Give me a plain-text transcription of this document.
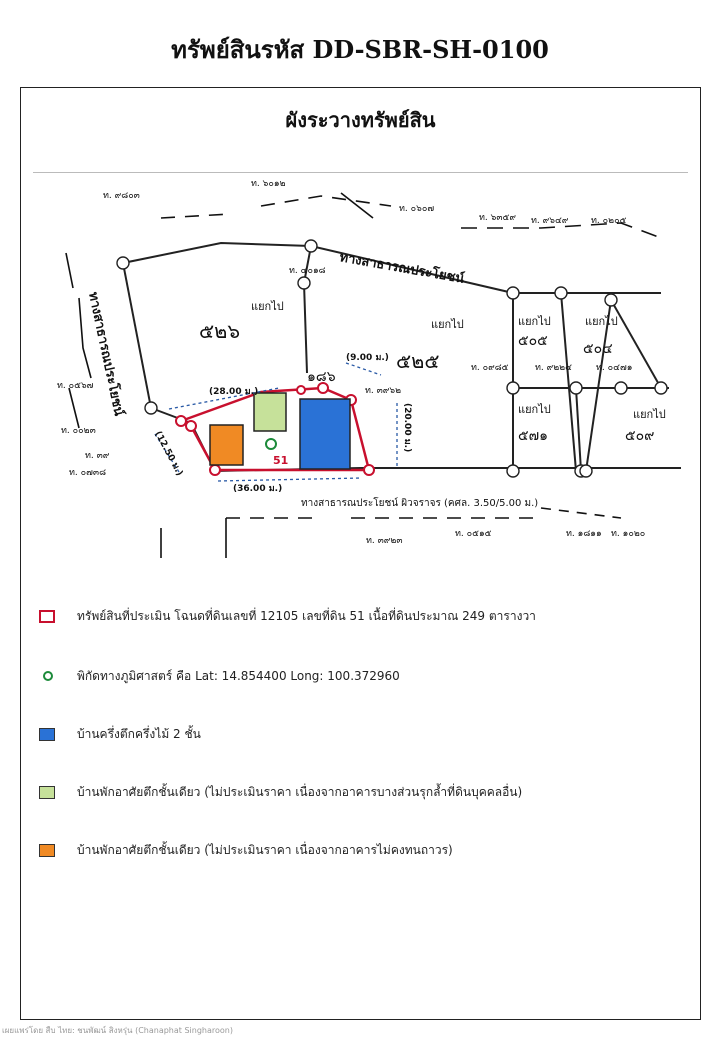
ทรัพย์สินรหัส DD-SBR-SH-0100
ผังระวางทรัพย์สิน
51
(28.00 ม.)
(9.00 ม.)
(20.00 ม.)
(12.50 ม.)
(36.00 ม.)
๕๒๖
๕๒๕
๑๘๖
๕๐๕	๕๐๔
๕๗๑	๕๐๙
แยกไป
แยกไป	แยกไป	แยกไป
แยกไป	แยกไป
ทางสาธารณประโยชน์
ทางสาธารณประโยชน์
ทางสาธารณประโยชน์ ผิวจราจร (คศล. 3.50/5.00 ม.)
ท. ๖๐๑๒
ท. ๙๘๐๓
ท. ๐๖๐๗
ท. ๖๓๕๙ ท. ๙๖๔๙	ท. ๐๒๐๕
ท. ๔๐๑๘
ท. ๓๙๖๒
ท. ๐๙๘๕	ท. ๙๒๒๔	ท. ๐๔๗๑
ท. ๐๕๖๗
ท. ๐๐๒๓
ท. ๓๙
ท. ๐๗๓๘
ท. ๓๙๒๓
ท. ๐๕๑๕	ท. ๑๘๑๑ ท. ๑๐๒๐
ทรัพย์สินที่ประเมิน โฉนดที่ดินเลขที่ 12105 เลขที่ดิน 51 เนื้อที่ดินประมาณ 249 ตารางวา
พิกัดทางภูมิศาสตร์ คือ Lat: 14.854400 Long: 100.372960
บ้านครึ่งตึกครึ่งไม้ 2 ชั้น
บ้านพักอาศัยตึกชั้นเดียว (ไม่ประเมินราคา เนื่องจากอาคารบางส่วนรุกล้ำที่ดินบุคคลอื่น)
บ้านพักอาศัยตึกชั้นเดียว (ไม่ประเมินราคา เนื่องจากอาคารไม่คงทนถาวร)
เผยแพร่โดย สืบ ไทย: ชนพัฒน์ สิงหรุ่น (Chanaphat Singharoon)
